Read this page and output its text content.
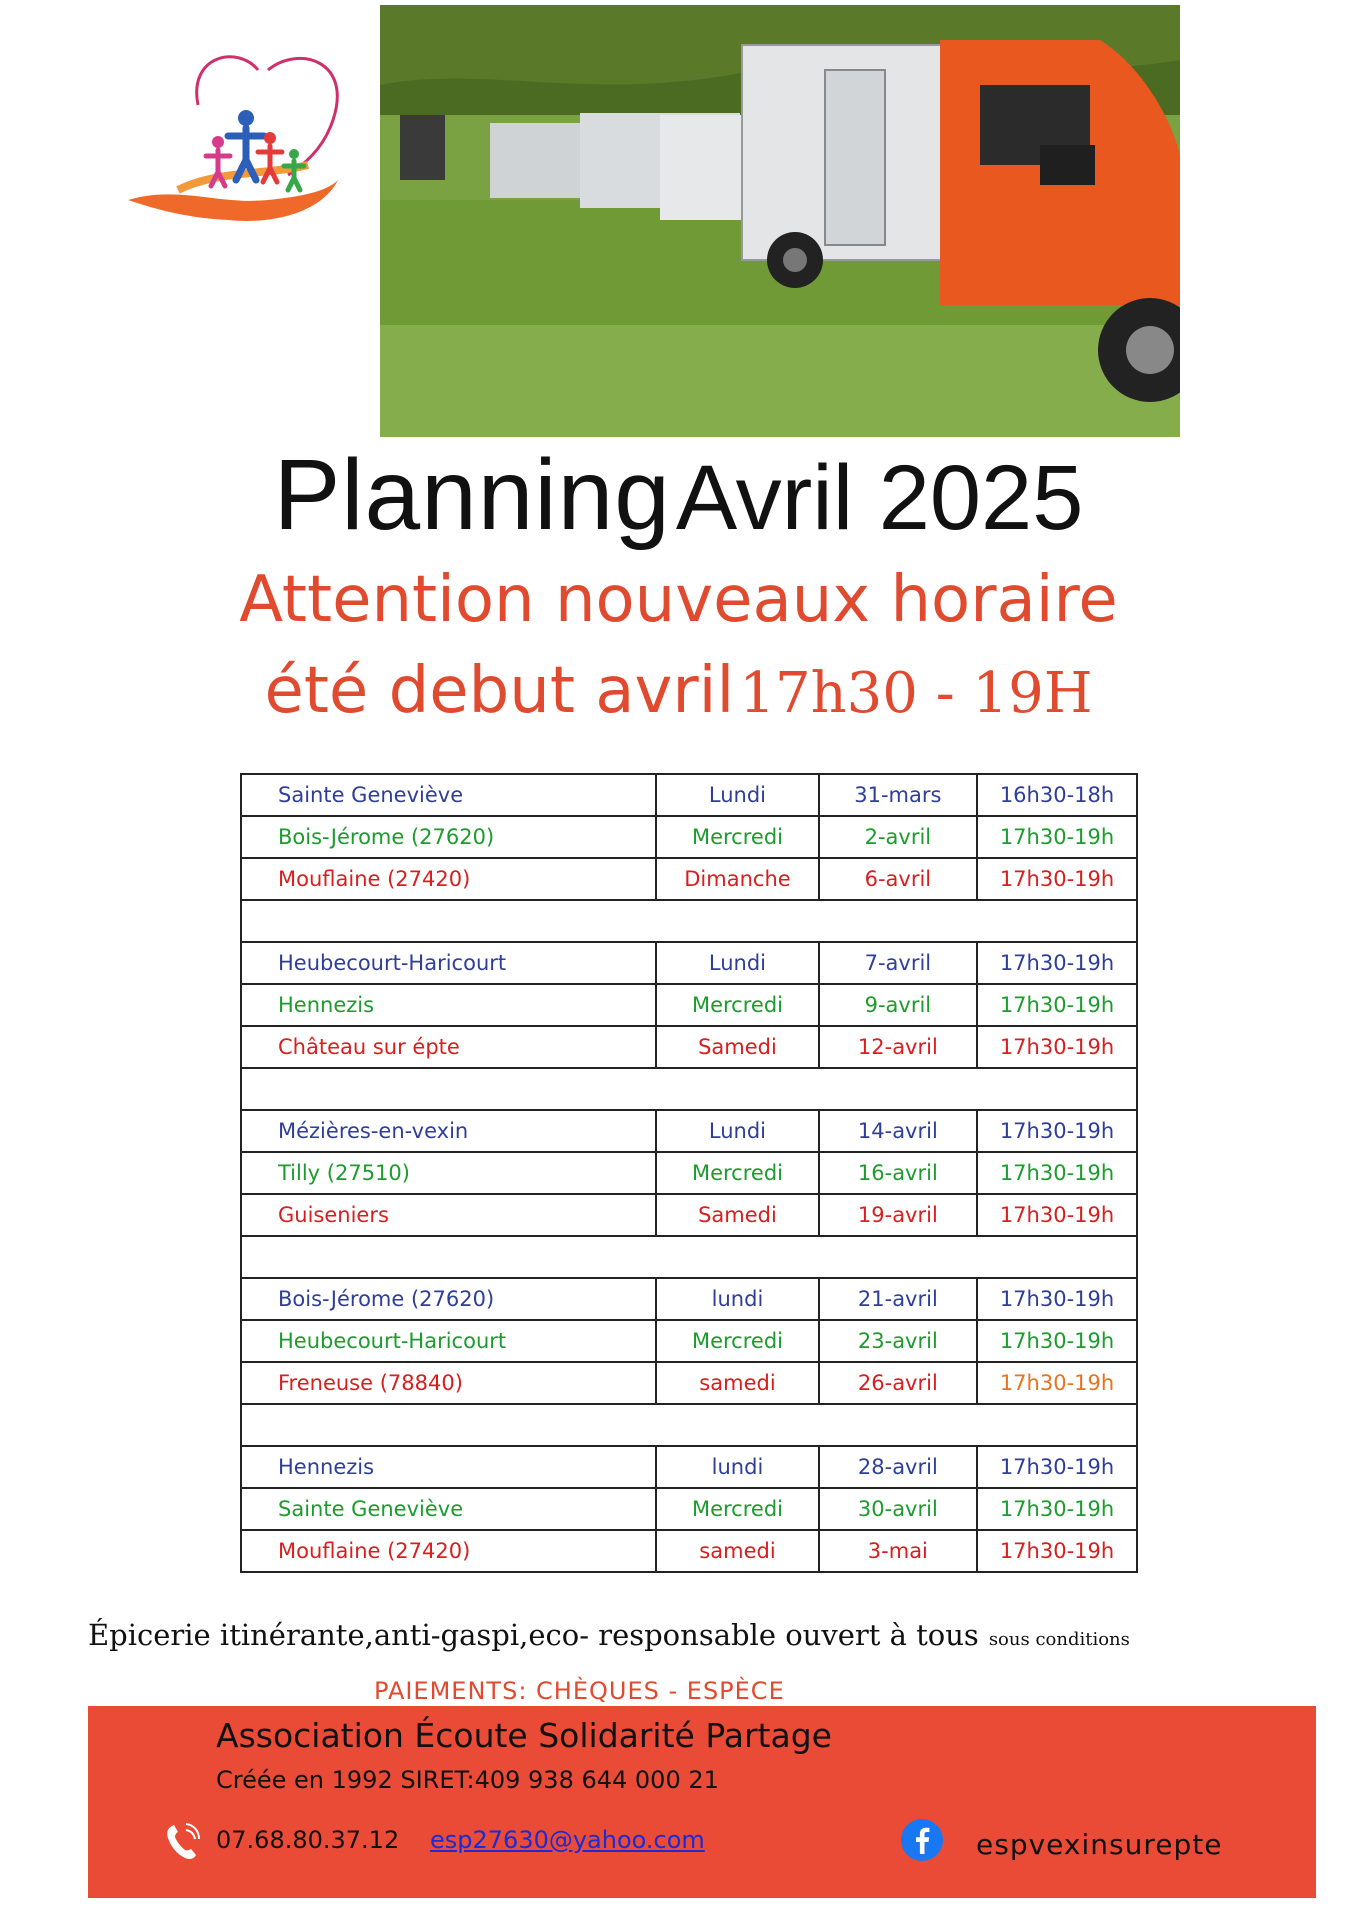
Planning Avril 2025
Attention nouveaux horaire
été debut avril 17h30 - 19H
Sainte Geneviève	Lundi	31-mars	16h30-18h
Bois-Jérome (27620)	Mercredi	2-avril	17h30-19h
Mouflaine (27420)	Dimanche	6-avril	17h30-19h

Heubecourt-Haricourt	Lundi	7-avril	17h30-19h
Hennezis	Mercredi	9-avril	17h30-19h
Château sur épte	Samedi	12-avril	17h30-19h

Mézières-en-vexin	Lundi	14-avril	17h30-19h
Tilly (27510)	Mercredi	16-avril	17h30-19h
Guiseniers	Samedi	19-avril	17h30-19h

Bois-Jérome (27620)	lundi	21-avril	17h30-19h
Heubecourt-Haricourt	Mercredi	23-avril	17h30-19h
Freneuse (78840)	samedi	26-avril	17h30-19h

Hennezis	lundi	28-avril	17h30-19h
Sainte Geneviève	Mercredi	30-avril	17h30-19h
Mouflaine (27420)	samedi	3-mai	17h30-19h
Épicerie itinérante,anti-gaspi,eco- responsable ouvert à tous sous conditions
PAIEMENTS: CHÈQUES - ESPÈCE
Association Écoute Solidarité Partage
Créée en 1992 SIRET:409 938 644 000 21
07.68.80.37.12 esp27630@yahoo.com	espvexinsurepte
